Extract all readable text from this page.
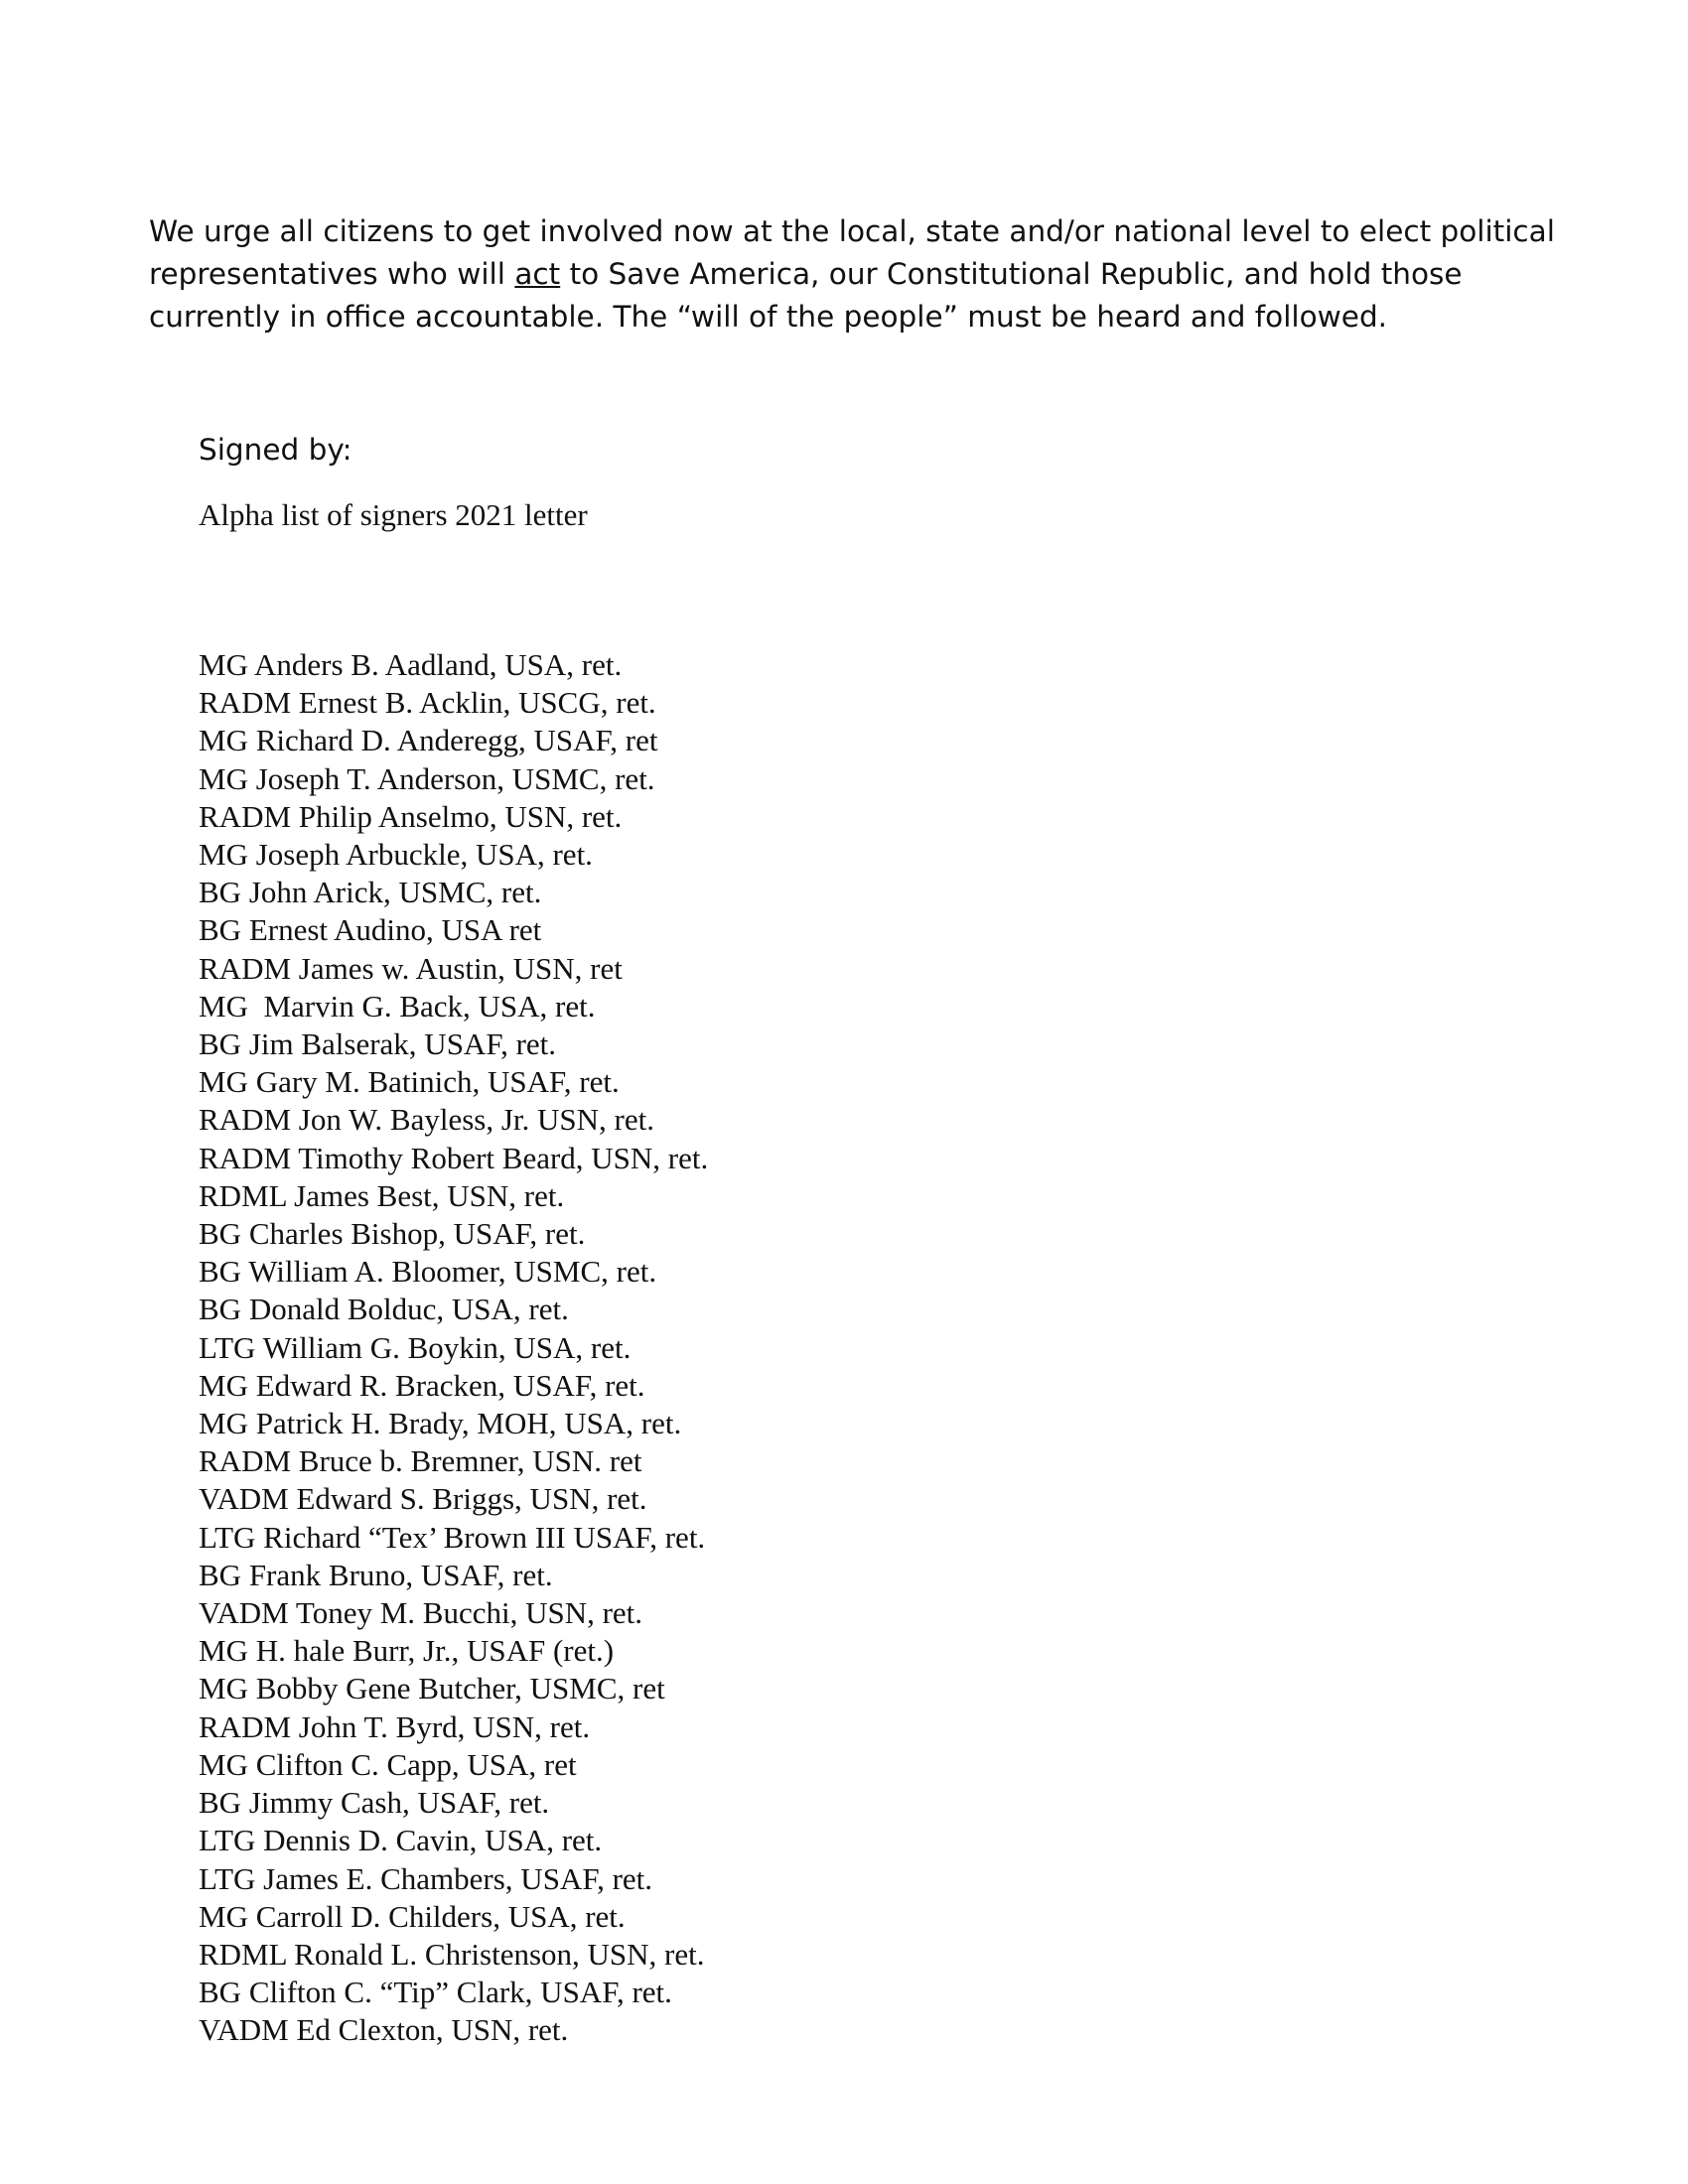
We urge all citizens to get involved now at the local, state and/or national level to elect political representatives who will act to Save America, our Constitutional Republic, and hold those currently in office accountable. The “will of the people” must be heard and followed.

Signed by:

Alpha list of signers 2021 letter

MG Anders B. Aadland, USA, ret.
RADM Ernest B. Acklin, USCG, ret.
MG Richard D. Anderegg, USAF, ret
MG Joseph T. Anderson, USMC, ret.
RADM Philip Anselmo, USN, ret.
MG Joseph Arbuckle, USA, ret.
BG John Arick, USMC, ret.
BG Ernest Audino, USA ret
RADM James w. Austin, USN, ret
MG  Marvin G. Back, USA, ret.
BG Jim Balserak, USAF, ret.
MG Gary M. Batinich, USAF, ret.
RADM Jon W. Bayless, Jr. USN, ret.
RADM Timothy Robert Beard, USN, ret.
RDML James Best, USN, ret.
BG Charles Bishop, USAF, ret.
BG William A. Bloomer, USMC, ret.
BG Donald Bolduc, USA, ret.
LTG William G. Boykin, USA, ret.
MG Edward R. Bracken, USAF, ret.
MG Patrick H. Brady, MOH, USA, ret.
RADM Bruce b. Bremner, USN. ret
VADM Edward S. Briggs, USN, ret.
LTG Richard “Tex’ Brown III USAF, ret.
BG Frank Bruno, USAF, ret.
VADM Toney M. Bucchi, USN, ret.
MG H. hale Burr, Jr., USAF (ret.)
MG Bobby Gene Butcher, USMC, ret
RADM John T. Byrd, USN, ret.
MG Clifton C. Capp, USA, ret
BG Jimmy Cash, USAF, ret.
LTG Dennis D. Cavin, USA, ret.
LTG James E. Chambers, USAF, ret.
MG Carroll D. Childers, USA, ret.
RDML Ronald L. Christenson, USN, ret.
BG Clifton C. “Tip” Clark, USAF, ret.
VADM Ed Clexton, USN, ret.
